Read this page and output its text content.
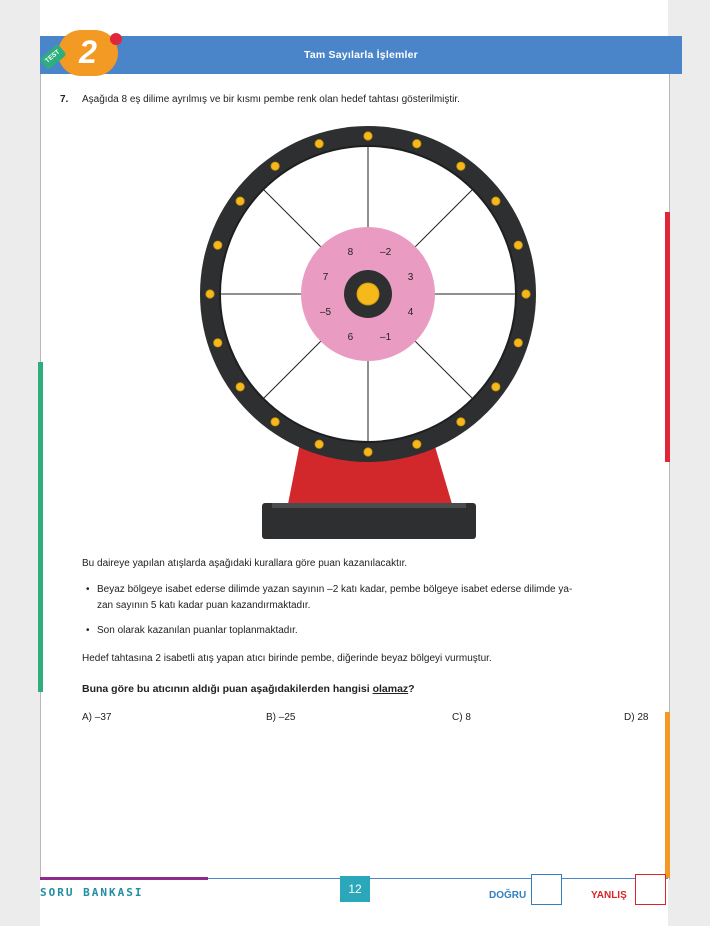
Tam Sayılarla İşlemler
2
TEST
7. Aşağıda 8 eş dilime ayrılmış ve bir kısmı pembe renk olan hedef tahtası gösterilmiştir.
8	–2
3
4
–1
6
–5
7
Bu daireye yapılan atışlarda aşağıdaki kurallara göre puan kazanılacaktır.
• Beyaz bölgeye isabet ederse dilimde yazan sayının –2 katı kadar, pembe bölgeye isabet ederse dilimde ya-
zan sayının 5 katı kadar puan kazandırmaktadır.
• Son olarak kazanılan puanlar toplanmaktadır.
Hedef tahtasına 2 isabetli atış yapan atıcı birinde pembe, diğerinde beyaz bölgeyi vurmuştur.
Buna göre bu atıcının aldığı puan aşağıdakilerden hangisi olamaz?
A) –37	B) –25	C) 8	D) 28
SORU BANKASI	12	DOĞRU	YANLIŞ
